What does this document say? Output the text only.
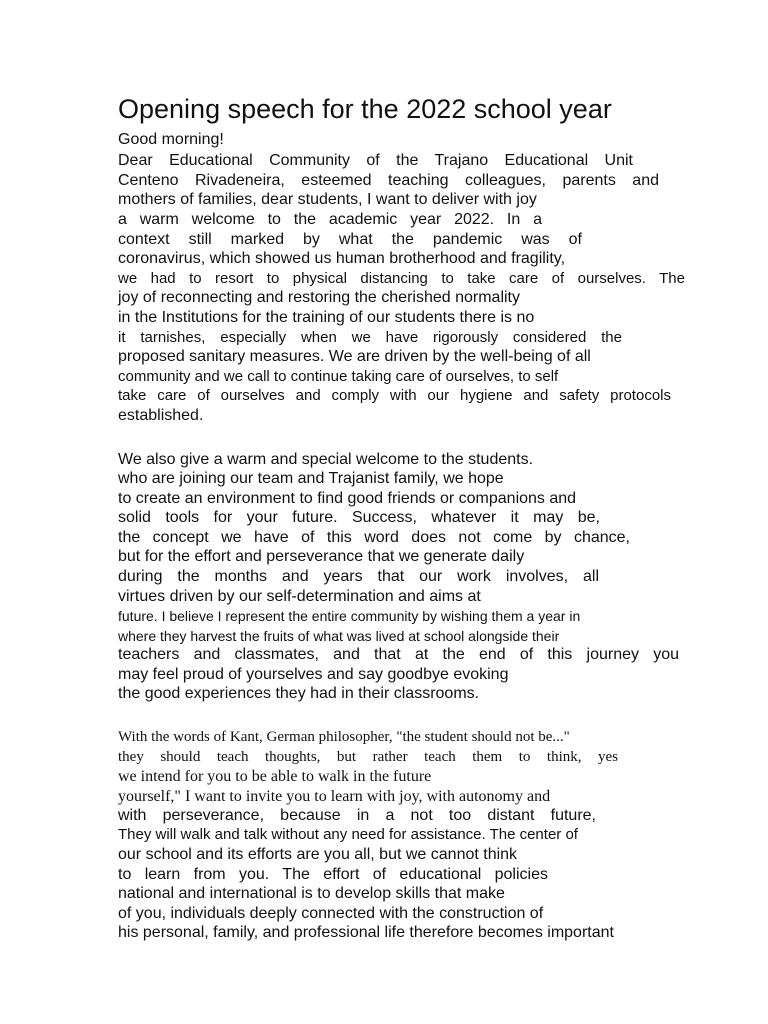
Opening speech for the 2022 school year

Good morning!

Dear Educational Community of the Trajano Educational Unit

Centeno Rivadeneira, esteemed teaching colleagues, parents and

mothers of families, dear students, I want to deliver with joy

a warm welcome to the academic year 2022. In a

context still marked by what the pandemic was of

coronavirus, which showed us human brotherhood and fragility,

we had to resort to physical distancing to take care of ourselves. The

joy of reconnecting and restoring the cherished normality

in the Institutions for the training of our students there is no

it tarnishes, especially when we have rigorously considered the

proposed sanitary measures. We are driven by the well-being of all

community and we call to continue taking care of ourselves, to self

take care of ourselves and comply with our hygiene and safety protocols

established.

We also give a warm and special welcome to the students.

who are joining our team and Trajanist family, we hope

to create an environment to find good friends or companions and

solid tools for your future. Success, whatever it may be,

the concept we have of this word does not come by chance,

but for the effort and perseverance that we generate daily

during the months and years that our work involves, all

virtues driven by our self-determination and aims at

future. I believe I represent the entire community by wishing them a year in

where they harvest the fruits of what was lived at school alongside their

teachers and classmates, and that at the end of this journey you

may feel proud of yourselves and say goodbye evoking

the good experiences they had in their classrooms.

With the words of Kant, German philosopher, "the student should not be..."

they should teach thoughts, but rather teach them to think, yes

we intend for you to be able to walk in the future

yourself," I want to invite you to learn with joy, with autonomy and

with perseverance, because in a not too distant future,

They will walk and talk without any need for assistance. The center of

our school and its efforts are you all, but we cannot think

to learn from you. The effort of educational policies

national and international is to develop skills that make

of you, individuals deeply connected with the construction of

his personal, family, and professional life therefore becomes important
